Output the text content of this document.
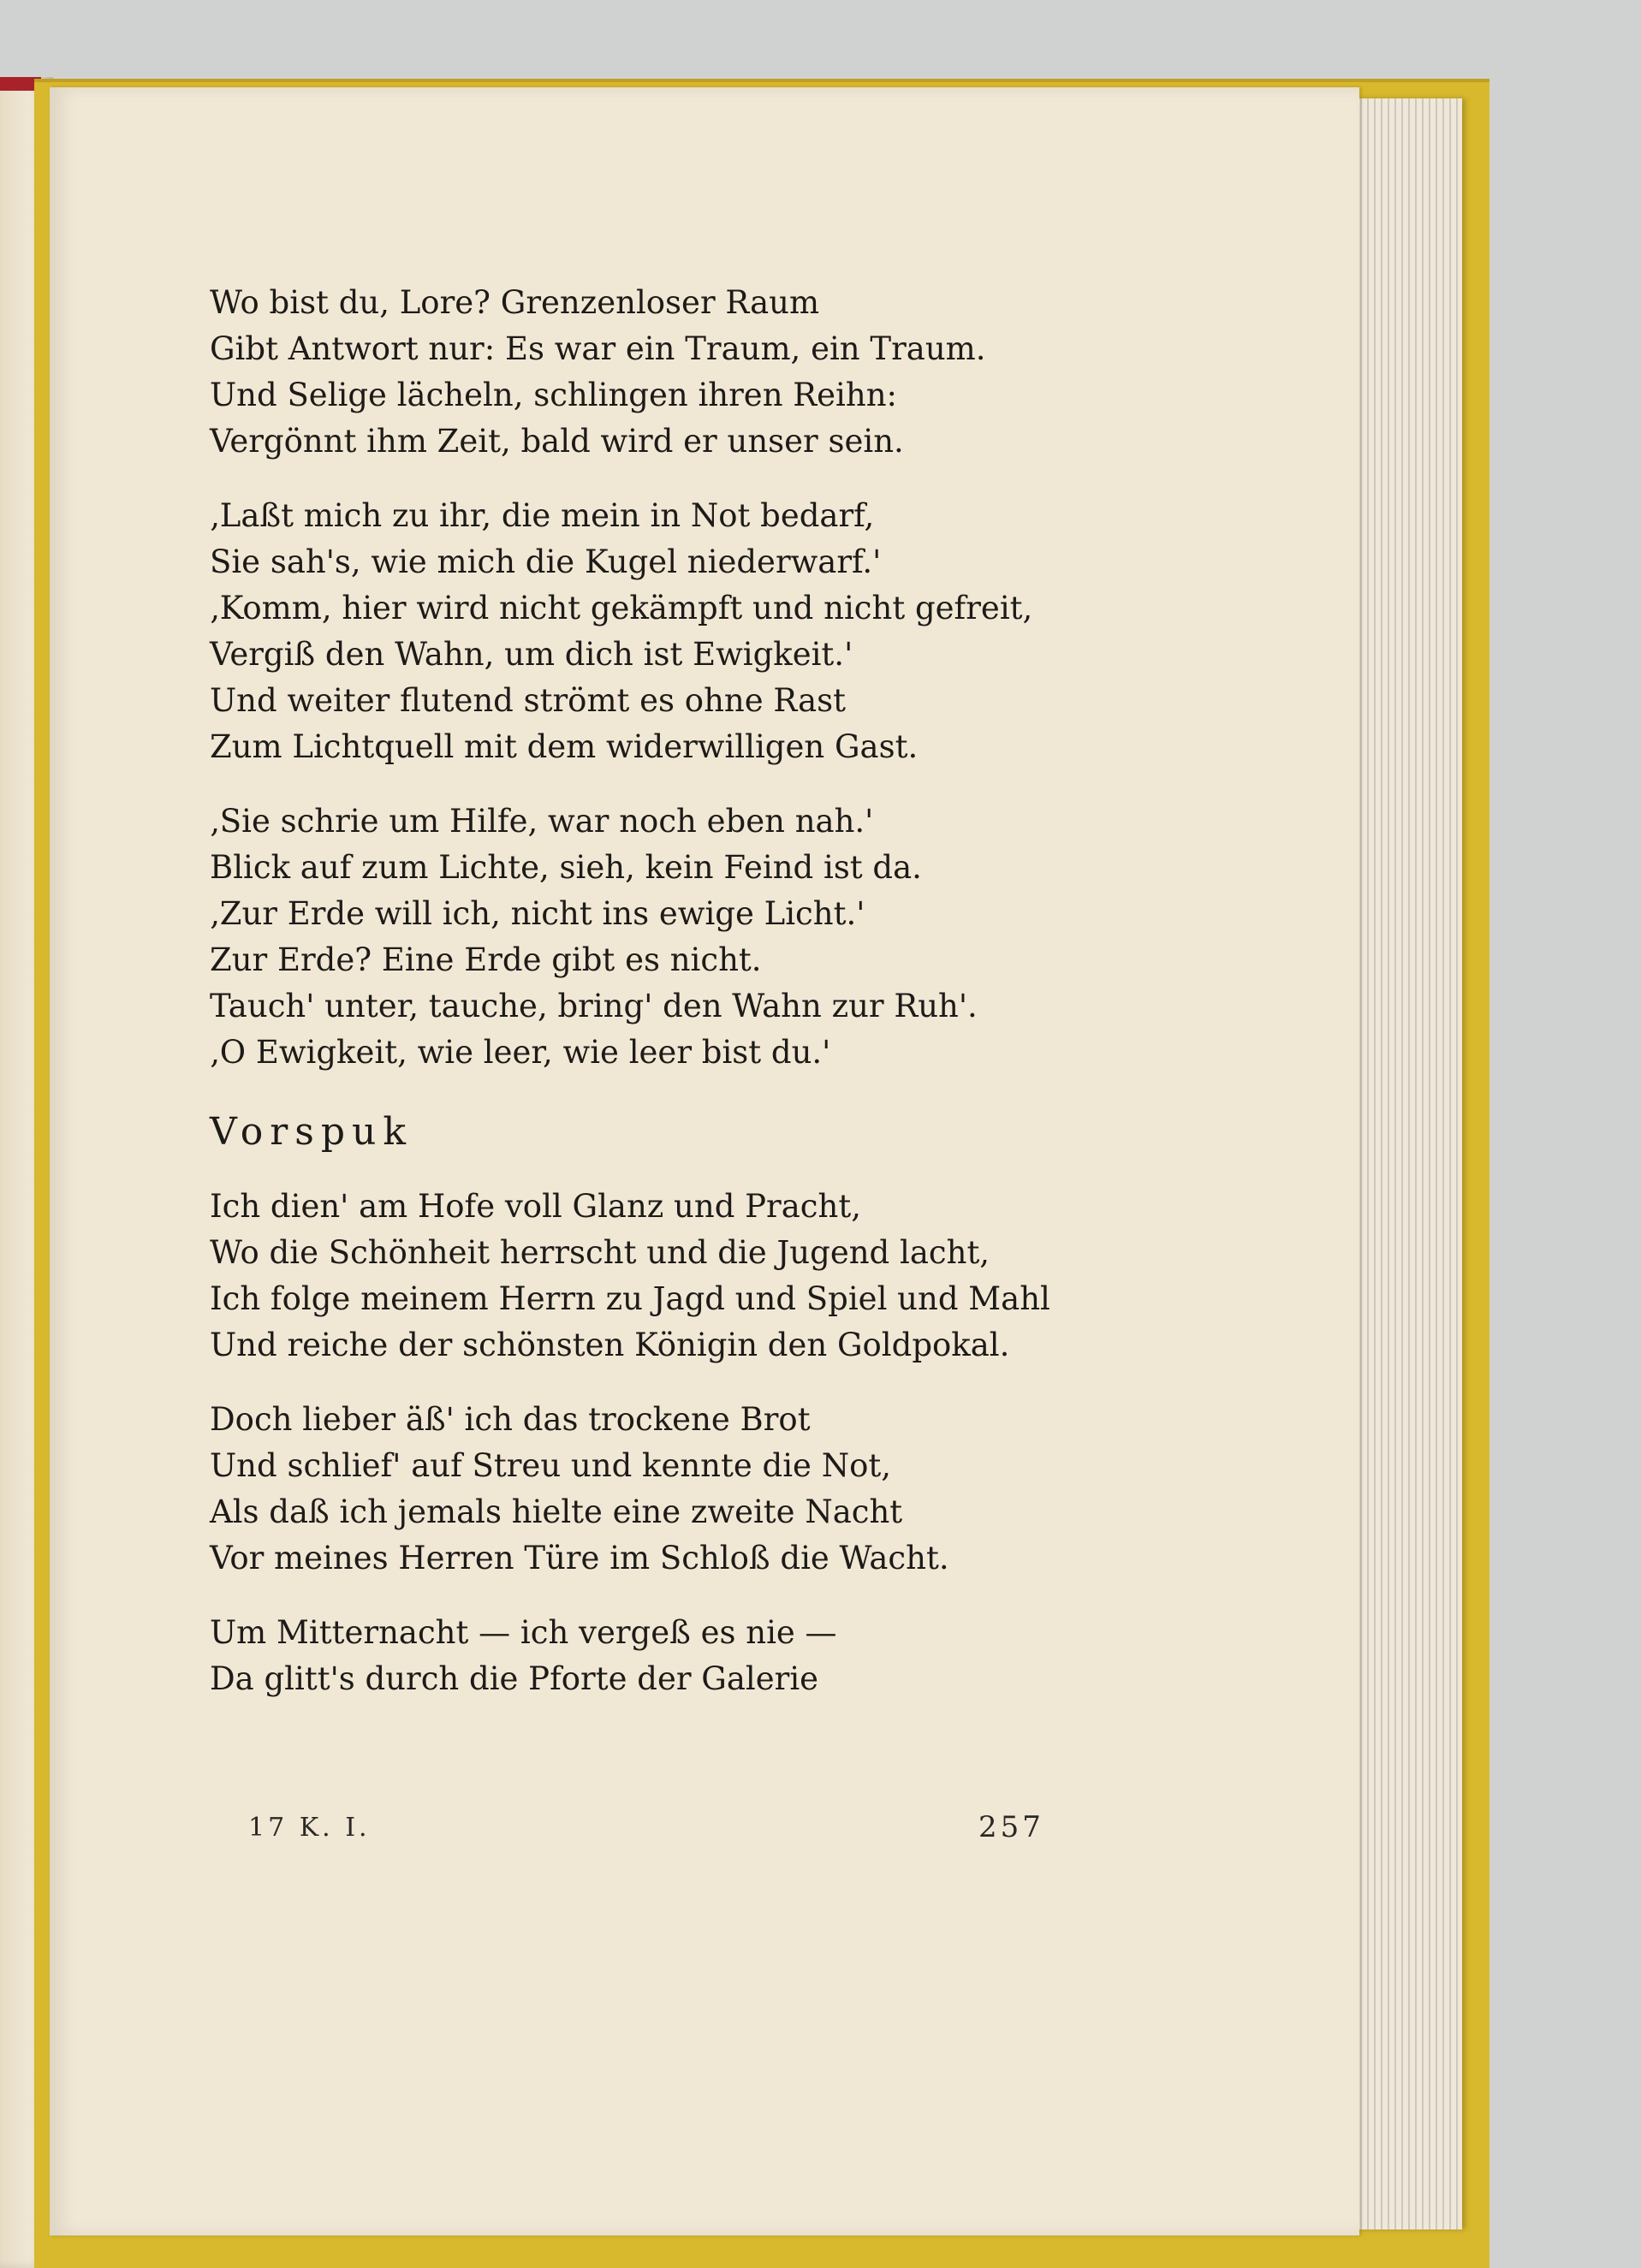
Wo bist du, Lore? Grenzenloser Raum
Gibt Antwort nur: Es war ein Traum, ein Traum.
Und Selige lächeln, schlingen ihren Reihn:
Vergönnt ihm Zeit, bald wird er unser sein.
‚Laßt mich zu ihr, die mein in Not bedarf,
Sie sah's, wie mich die Kugel niederwarf.'
‚Komm, hier wird nicht gekämpft und nicht gefreit,
Vergiß den Wahn, um dich ist Ewigkeit.'
Und weiter flutend strömt es ohne Rast
Zum Lichtquell mit dem widerwilligen Gast.
‚Sie schrie um Hilfe, war noch eben nah.'
Blick auf zum Lichte, sieh, kein Feind ist da.
‚Zur Erde will ich, nicht ins ewige Licht.'
Zur Erde? Eine Erde gibt es nicht.
Tauch' unter, tauche, bring' den Wahn zur Ruh'.
‚O Ewigkeit, wie leer, wie leer bist du.'
Vorspuk
Ich dien' am Hofe voll Glanz und Pracht,
Wo die Schönheit herrscht und die Jugend lacht,
Ich folge meinem Herrn zu Jagd und Spiel und Mahl
Und reiche der schönsten Königin den Goldpokal.
Doch lieber äß' ich das trockene Brot
Und schlief' auf Streu und kennte die Not,
Als daß ich jemals hielte eine zweite Nacht
Vor meines Herren Türe im Schloß die Wacht.
Um Mitternacht — ich vergeß es nie —
Da glitt's durch die Pforte der Galerie
17 K. I.	257
